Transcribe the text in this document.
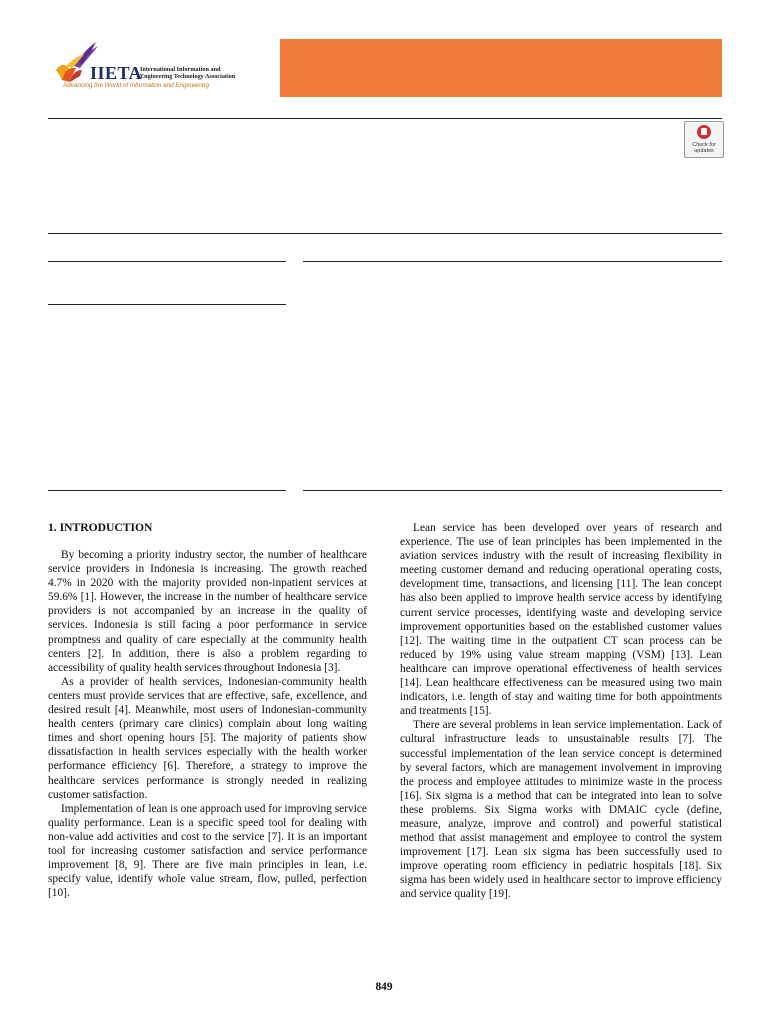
IIETA
International Information and Engineering Technology Association
Advancing the World of Information and Engineering
Check for updates
1. INTRODUCTION

By becoming a priority industry sector, the number of healthcare service providers in Indonesia is increasing. The growth reached 4.7% in 2020 with the majority provided non-inpatient services at 59.6% [1]. However, the increase in the number of healthcare service providers is not accompanied by an increase in the quality of services. Indonesia is still facing a poor performance in service promptness and quality of care especially at the community health centers [2]. In addition, there is also a problem regarding to accessibility of quality health services throughout Indonesia [3].

As a provider of health services, Indonesian-community health centers must provide services that are effective, safe, excellence, and desired result [4]. Meanwhile, most users of Indonesian-community health centers (primary care clinics) complain about long waiting times and short opening hours [5]. The majority of patients show dissatisfaction in health services especially with the health worker performance efficiency [6]. Therefore, a strategy to improve the healthcare services performance is strongly needed in realizing customer satisfaction.

Implementation of lean is one approach used for improving service quality performance. Lean is a specific speed tool for dealing with non-value add activities and cost to the service [7]. It is an important tool for increasing customer satisfaction and service performance improvement [8, 9]. There are five main principles in lean, i.e. specify value, identify whole value stream, flow, pulled, perfection [10].

Lean service has been developed over years of research and experience. The use of lean principles has been implemented in the aviation services industry with the result of increasing flexibility in meeting customer demand and reducing operational operating costs, development time, transactions, and licensing [11]. The lean concept has also been applied to improve health service access by identifying current service processes, identifying waste and developing service improvement opportunities based on the established customer values [12]. The waiting time in the outpatient CT scan process can be reduced by 19% using value stream mapping (VSM) [13]. Lean healthcare can improve operational effectiveness of health services [14]. Lean healthcare effectiveness can be measured using two main indicators, i.e. length of stay and waiting time for both appointments and treatments [15].

There are several problems in lean service implementation. Lack of cultural infrastructure leads to unsustainable results [7]. The successful implementation of the lean service concept is determined by several factors, which are management involvement in improving the process and employee attitudes to minimize waste in the process [16]. Six sigma is a method that can be integrated into lean to solve these problems. Six Sigma works with DMAIC cycle (define, measure, analyze, improve and control) and powerful statistical method that assist management and employee to control the system improvement [17]. Lean six sigma has been successfully used to improve operating room efficiency in pediatric hospitals [18]. Six sigma has been widely used in healthcare sector to improve efficiency and service quality [19].

849
